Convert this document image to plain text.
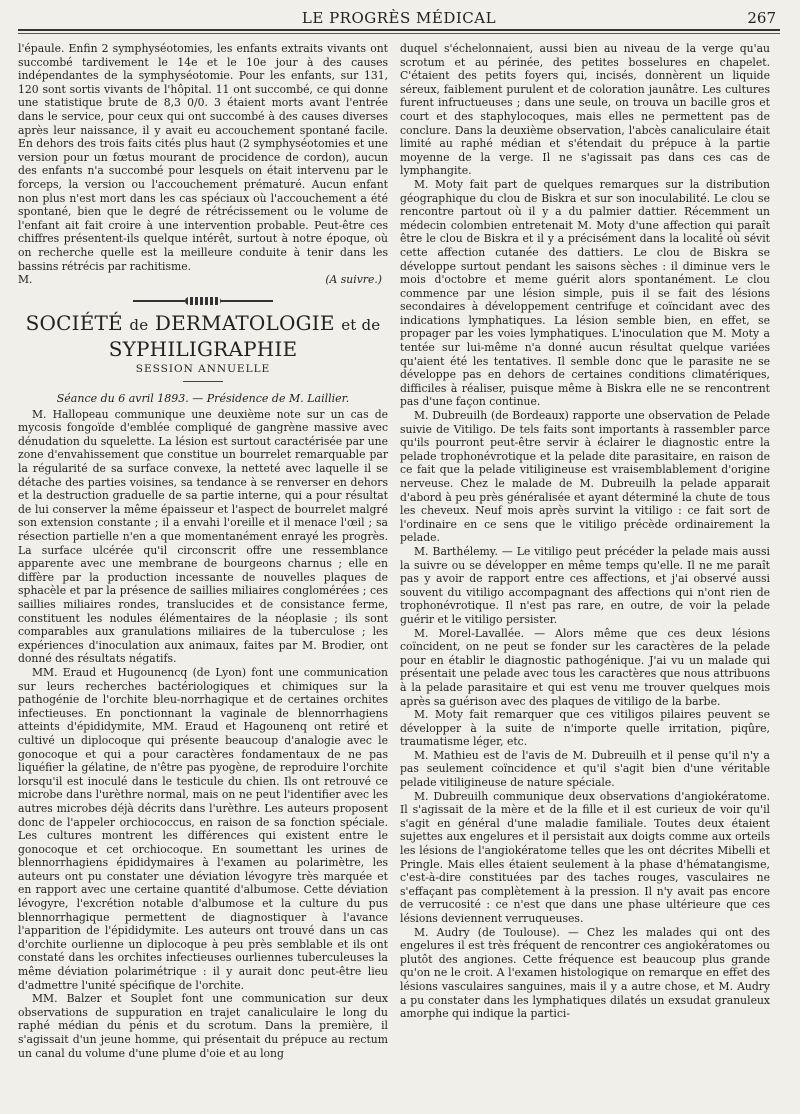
LE PROGRÈS MÉDICAL	267

l'épaule. Enfin 2 symphyséotomies, les enfants extraits vivants ont succombé tardivement le 14e et le 10e jour à des causes indépendantes de la symphyséotomie. Pour les enfants, sur 131, 120 sont sortis vivants de l'hôpital. 11 ont succombé, ce qui donne une statistique brute de 8,3 0/0. 3 étaient morts avant l'entrée dans le service, pour ceux qui ont succombé à des causes diverses après leur naissance, il y avait eu accouchement spontané facile. En dehors des trois faits cités plus haut (2 symphyséotomies et une version pour un fœtus mourant de procidence de cordon), aucun des enfants n'a succombé pour lesquels on était intervenu par le forceps, la version ou l'accouchement prématuré. Aucun enfant non plus n'est mort dans les cas spéciaux où l'accouchement a été spontané, bien que le degré de rétrécissement ou le volume de l'enfant ait fait croire à une intervention probable. Peut-être ces chiffres présentent-ils quelque intérêt, surtout à notre époque, où on recherche quelle est la meilleure conduite à tenir dans les bassins rétrécis par rachitisme.

M.	(A suivre.)
SOCIÉTÉ de DERMATOLOGIE et de SYPHILIGRAPHIE
SESSION ANNUELLE

Séance du 6 avril 1893. — Présidence de M. Laillier.

M. Hallopeau communique une deuxième note sur un cas de mycosis fongoïde d'emblée compliqué de gangrène massive avec dénudation du squelette. La lésion est surtout caractérisée par une zone d'envahissement que constitue un bourrelet remarquable par la régularité de sa surface convexe, la netteté avec laquelle il se détache des parties voisines, sa tendance à se renverser en dehors et la destruction graduelle de sa partie interne, qui a pour résultat de lui conserver la même épaisseur et l'aspect de bourrelet malgré son extension constante ; il a envahi l'oreille et il menace l'œil ; sa résection partielle n'en a que momentanément enrayé les progrès. La surface ulcérée qu'il circonscrit offre une ressemblance apparente avec une membrane de bourgeons charnus ; elle en diffère par la production incessante de nouvelles plaques de sphacèle et par la présence de saillies miliaires conglomérées ; ces saillies miliaires rondes, translucides et de consistance ferme, constituent les nodules élémentaires de la néoplasie ; ils sont comparables aux granulations miliaires de la tuberculose ; les expériences d'inoculation aux animaux, faites par M. Brodier, ont donné des résultats négatifs.

MM. Eraud et Hugounencq (de Lyon) font une communication sur leurs recherches bactériologiques et chimiques sur la pathogénie de l'orchite bleu-norrhagique et de certaines orchites infectieuses. En ponctionnant la vaginale de blennorrhagiens atteints d'épididymite, MM. Eraud et Hagounenq ont retiré et cultivé un diplocoque qui présente beaucoup d'analogie avec le gonocoque et qui a pour caractères fondamentaux de ne pas liquéfier la gélatine, de n'être pas pyogène, de reproduire l'orchite lorsqu'il est inoculé dans le testicule du chien. Ils ont retrouvé ce microbe dans l'urèthre normal, mais on ne peut l'identifier avec les autres microbes déjà décrits dans l'urèthre. Les auteurs proposent donc de l'appeler orchiococcus, en raison de sa fonction spéciale. Les cultures montrent les différences qui existent entre le gonocoque et cet orchiocoque. En soumettant les urines de blennorrhagiens épididymaires à l'examen au polarimètre, les auteurs ont pu constater une déviation lévogyre très marquée et en rapport avec une certaine quantité d'albumose. Cette déviation lévogyre, l'excrétion notable d'albumose et la culture du pus blennorrhagique permettent de diagnostiquer à l'avance l'apparition de l'épididymite. Les auteurs ont trouvé dans un cas d'orchite ourlienne un diplocoque à peu près semblable et ils ont constaté dans les orchites infectieuses ourliennes tuberculeuses la même déviation polarimétrique : il y aurait donc peut-être lieu d'admettre l'unité spécifique de l'orchite.

MM. Balzer et Souplet font une communication sur deux observations de suppuration en trajet canaliculaire le long du raphé médian du pénis et du scrotum. Dans la première, il s'agissait d'un jeune homme, qui présentait du prépuce au rectum un canal du volume d'une plume d'oie et au long

duquel s'échelonnaient, aussi bien au niveau de la verge qu'au scrotum et au périnée, des petites bosselures en chapelet. C'étaient des petits foyers qui, incisés, donnèrent un liquide séreux, faiblement purulent et de coloration jaunâtre. Les cultures furent infructueuses ; dans une seule, on trouva un bacille gros et court et des staphylocoques, mais elles ne permettent pas de conclure. Dans la deuxième observation, l'abcès canaliculaire était limité au raphé médian et s'étendait du prépuce à la partie moyenne de la verge. Il ne s'agissait pas dans ces cas de lymphangite.

M. Moty fait part de quelques remarques sur la distribution géographique du clou de Biskra et sur son inoculabilité. Le clou se rencontre partout où il y a du palmier dattier. Récemment un médecin colombien entretenait M. Moty d'une affection qui paraît être le clou de Biskra et il y a précisément dans la localité où sévit cette affection cutanée des dattiers. Le clou de Biskra se développe surtout pendant les saisons sèches : il diminue vers le mois d'octobre et meme guérit alors spontanément. Le clou commence par une lésion simple, puis il se fait des lésions secondaires à développement centrifuge et coïncidant avec des indications lymphatiques. La lésion semble bien, en effet, se propager par les voies lymphatiques. L'inoculation que M. Moty a tentée sur lui-même n'a donné aucun résultat quelque variées qu'aient été les tentatives. Il semble donc que le parasite ne se développe pas en dehors de certaines conditions climatériques, difficiles à réaliser, puisque même à Biskra elle ne se rencontrent pas d'une façon continue.

M. Dubreuilh (de Bordeaux) rapporte une observation de Pelade suivie de Vitiligo. De tels faits sont importants à rassembler parce qu'ils pourront peut-être servir à éclairer le diagnostic entre la pelade trophonévrotique et la pelade dite parasitaire, en raison de ce fait que la pelade vitiligineuse est vraisemblablement d'origine nerveuse. Chez le malade de M. Dubreuilh la pelade apparait d'abord à peu près généralisée et ayant déterminé la chute de tous les cheveux. Neuf mois après survint la vitiligo : ce fait sort de l'ordinaire en ce sens que le vitiligo précède ordinairement la pelade.

M. Barthélemy. — Le vitiligo peut précéder la pelade mais aussi la suivre ou se développer en même temps qu'elle. Il ne me paraît pas y avoir de rapport entre ces affections, et j'ai observé aussi souvent du vitiligo accompagnant des affections qui n'ont rien de trophonévrotique. Il n'est pas rare, en outre, de voir la pelade guérir et le vitiligo persister.

M. Morel-Lavallée. — Alors même que ces deux lésions coïncident, on ne peut se fonder sur les caractères de la pelade pour en établir le diagnostic pathogénique. J'ai vu un malade qui présentait une pelade avec tous les caractères que nous attribuons à la pelade parasitaire et qui est venu me trouver quelques mois après sa guérison avec des plaques de vitiligo de la barbe.

M. Moty fait remarquer que ces vitiligos pilaires peuvent se développer à la suite de n'importe quelle irritation, piqûre, traumatisme léger, etc.

M. Mathieu est de l'avis de M. Dubreuilh et il pense qu'il n'y a pas seulement coïncidence et qu'il s'agit bien d'une véritable pelade vitiligineuse de nature spéciale.

M. Dubreuilh communique deux observations d'angiokératome. Il s'agissait de la mère et de la fille et il est curieux de voir qu'il s'agit en général d'une maladie familiale. Toutes deux étaient sujettes aux engelures et il persistait aux doigts comme aux orteils les lésions de l'angiokératome telles que les ont décrites Mibelli et Pringle. Mais elles étaient seulement à la phase d'hématangisme, c'est-à-dire constituées par des taches rouges, vasculaires ne s'effaçant pas complètement à la pression. Il n'y avait pas encore de verrucosité : ce n'est que dans une phase ultérieure que ces lésions deviennent verruqueuses.

M. Audry (de Toulouse). — Chez les malades qui ont des engelures il est très fréquent de rencontrer ces angiokératomes ou plutôt des angiones. Cette fréquence est beaucoup plus grande qu'on ne le croit. A l'examen histologique on remarque en effet des lésions vasculaires sanguines, mais il y a autre chose, et M. Audry a pu constater dans les lymphatiques dilatés un exsudat granuleux amorphe qui indique la partici-
